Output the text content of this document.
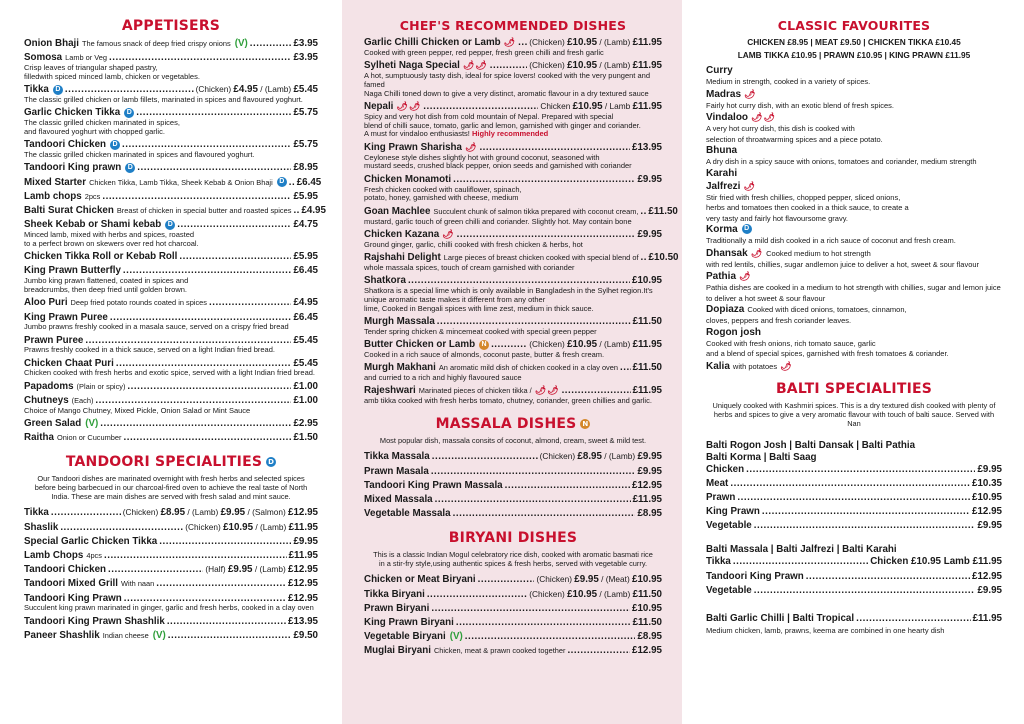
APPETISERS
Onion Bhaji The famous snack of deep fried crispy onions (V) . . .	£3.95
Somosa Lamb or Veg . . .	£3.95
Crisp leaves of triangular shaped pastry,
filledwith spiced minced lamb, chicken or vegetables.
Tikka D . . .	(Chicken) £4.95 / (Lamb) £5.45
The classic grilled chicken or lamb fillets, marinated in spices and flavoured yoghurt.
Garlic Chicken Tikka D . . .	£5.75
The classic grilled chicken marinated in spices,
and flavoured yoghurt with chopped garlic.
Tandoori Chicken D . . .	£5.75
The classic grilled chicken marinated in spices and flavoured yoghurt.
Tandoori King prawn D . . .	£8.95
Mixed Starter Chicken Tikka, Lamb Tikka, Sheek Kebab & Onion Bhaji D . . . £6.45
Lamb chops 2pcs . . .	£5.95
Balti Surat Chicken Breast of chicken in special butter and roasted spices . . . £4.95
Sheek Kebab or Shami kebab D . . .	£4.75
Minced lamb, mixed with herbs and spices, roasted
to a perfect brown on skewers over red hot charcoal.
Chicken Tikka Roll or Kebab Roll . . .	£5.95
King Prawn Butterfly . . .	£6.45
Jumbo king prawn flattened, coated in spices and
breadcrumbs, then deep fried until golden brown.
Aloo Puri Deep fried potato rounds coated in spices . . .	£4.95
King Prawn Puree . . .	£6.45
Jumbo prawns freshly cooked in a masala sauce, served on a crispy fried bread
Prawn Puree . . .	£5.45
Prawns freshly cooked in a thick sauce, served on a light Indian fried bread.
Chicken Chaat Puri . . .	£5.45
Chicken cooked with fresh herbs and exotic spice, served with a light Indian fried bread.
Papadoms (Plain or spicy) . . .	£1.00
Chutneys (Each) . . .	£1.00
Choice of Mango Chutney, Mixed Pickle, Onion Salad or Mint Sauce
Green Salad (V) . . .	£2.95
Raitha Onion or Cucumber . . .	£1.50
TANDOORI SPECIALITIES D

Our Tandoori dishes are marinated overnight with fresh herbs and selected spices before being barbecued in our charcoal-fired oven to achieve the real taste of North India. These are main dishes are served with fresh salad and mint sauce.

Tikka . . .	(Chicken) £8.95 / (Lamb) £9.95 / (Salmon) £12.95
Shaslik . . .	(Chicken) £10.95 / (Lamb) £11.95
Special Garlic Chicken Tikka . . .	£9.95
Lamb Chops 4pcs . . .	£11.95
Tandoori Chicken . . .	(Half) £9.95 / (Lamb) £12.95
Tandoori Mixed Grill With naan . . .	£12.95
Tandoori King Prawn . . .	£12.95
Succulent king prawn marinated in ginger, garlic and fresh herbs, cooked in a clay oven
Tandoori King Prawn Shashlik . . .	£13.95
Paneer Shashlik Indian cheese (V) . . .	£9.50
CHEF'S RECOMMENDED DISHES
Garlic Chilli Chicken or Lamb 🌶 . . . (Chicken) £10.95 / (Lamb) £11.95
Cooked with green pepper, red pepper, fresh green chilli and fresh garlic
Sylheti Naga Special 🌶🌶 . . .	(Chicken) £10.95 / (Lamb) £11.95
A hot, sumptuously tasty dish, ideal for spice lovers! cooked with the very pungent and famed
Naga Chilli toned down to give a very distinct, aromatic flavour in a dry textured sauce
Nepali 🌶🌶 . . .	Chicken £10.95 / Lamb £11.95
Spicy and very hot dish from cold mountain of Nepal. Prepared with special
blend of chilli sauce, tomato, garlic and lemon, garnished with ginger and coriander.
A must for vindaloo enthusiasts! Highly recommended
King Prawn Sharisha 🌶 . . .	£13.95
Ceylonese style dishes slightly hot with ground coconut, seasoned with
mustard seeds, crushed black pepper, onion seeds and garnished with coriander
Chicken Monamoti . . .	£9.95
Fresh chicken cooked with cauliflower, spinach,
potato, honey, garnished with cheese, medium
Goan Machlee Succulent chunk of salmon tikka prepared with coconut cream, . . . £11.50
mustard, garlic touch of green chilli and coriander. Slightly hot. May contain bone
Chicken Kazana 🌶 . . .	£9.95
Ground ginger, garlic, chilli cooked with fresh chicken & herbs, hot
Rajshahi Delight Large pieces of breast chicken cooked with special blend of . . . £10.50
whole massala spices, touch of cream garnished with coriander
Shatkora . . .	£10.95
Shatkora is a special lime which is only available in Bangladesh in the Sylhet region.It's
unique aromatic taste makes it different from any other
lime, Cooked in Bengali spices with lime zest, medium in thick sauce.
Murgh Massala . . .	£11.50
Tender spring chicken & mincemeat cooked with special green pepper
Butter Chicken or Lamb N . . .	(Chicken) £10.95 / (Lamb) £11.95
Cooked in a rich sauce of almonds, coconut paste, butter & fresh cream.
Murgh Makhani An aromatic mild dish of chicken cooked in a clay oven . . . £11.50
and curried to a rich and highly flavoured sauce
Rajeshwari Marinated pieces of chicken tikka / 🌶🌶 . . .	£11.95
amb tikka cooked with fresh herbs tomato, chutney, coriander, green chillies and garlic.
MASSALA DISHES N

Most popular dish, massala consits of coconut, almond, cream, sweet & mild test.

Tikka Massala . . .	(Chicken) £8.95 / (Lamb) £9.95
Prawn Masala . . .	£9.95
Tandoori King Prawn Massala . . .	£12.95
Mixed Massala . . .	£11.95
Vegetable Massala . . .	£8.95
BIRYANI DISHES

This is a classic Indian Mogul celebratory rice dish, cooked with aromatic basmati rice in a stir-fry style,using authentic spices & fresh herbs, served with vegetable curry.

Chicken or Meat Biryani . . .	(Chicken) £9.95 / (Meat) £10.95
Tikka Biryani . . .	(Chicken) £10.95 / (Lamb) £11.50
Prawn Biryani . . .	£10.95
King Prawn Biryani . . .	£11.50
Vegetable Biryani (V) . . .	£8.95
Muglai Biryani Chicken, meat & prawn cooked together . . .	£12.95
CLASSIC FAVOURITES
CHICKEN £8.95 | MEAT £9.50 | CHICKEN TIKKA £10.45
LAMB TIKKA £10.95 | PRAWN £10.95 | KING PRAWN £11.95
Curry
Medium in strength, cooked in a variety of spices.
Madras 🌶
Fairly hot curry dish, with an exotic blend of fresh spices.
Vindaloo 🌶🌶
A very hot curry dish, this dish is cooked with
selection of throatwarming spices and a piece potato.
Bhuna
A dry dish in a spicy sauce with onions, tomatoes and coriander, medium strength
Karahi
Jalfrezi 🌶
Stir fried with fresh chillies, chopped pepper, sliced onions,
herbs and tomatoes then cooked in a thick sauce, to create a
very tasty and fairly hot flavoursome gravy.
Korma D
Traditionally a mild dish cooked in a rich sauce of coconut and fresh cream.
Dhansak 🌶 Cooked medium to hot strength
with red lentils, chillies, sugar andlemon juice to deliver a hot, sweet & sour flavour
Pathia 🌶
Pathia dishes are cooked in a medium to hot strength with chillies, sugar and lemon juice
to deliver a hot sweet & sour flavour
Dopiaza Cooked with diced onions, tomatoes, cinnamon,
cloves, peppers and fresh coriander leaves.
Rogon josh
Cooked with fresh onions, rich tomato sauce, garlic
and a blend of special spices, garnished with fresh tomatoes & coriander.
Kalia with potatoes 🌶
BALTI SPECIALITIES

Uniquely cooked with Kashmiri spices. This is a dry textured dish cooked with plenty of herbs and spices to give a very aromatic flavour with touch of balti sauce. Served with Nan

Balti Rogon Josh | Balti Dansak | Balti Pathia
Balti Korma | Balti Saag
Chicken . . .	£9.95
Meat . . .	£10.35
Prawn . . .	£10.95
King Prawn . . .	£12.95
Vegetable . . .	£9.95
Balti Massala | Balti Jalfrezi | Balti Karahi
Tikka . . .	Chicken £10.95 Lamb £11.95
Tandoori King Prawn . . .	£12.95
Vegetable . . .	£9.95
Balti Garlic Chilli | Balti Tropical . . .	£11.95
Medium chicken, lamb, prawns, keema are combined in one hearty dish
